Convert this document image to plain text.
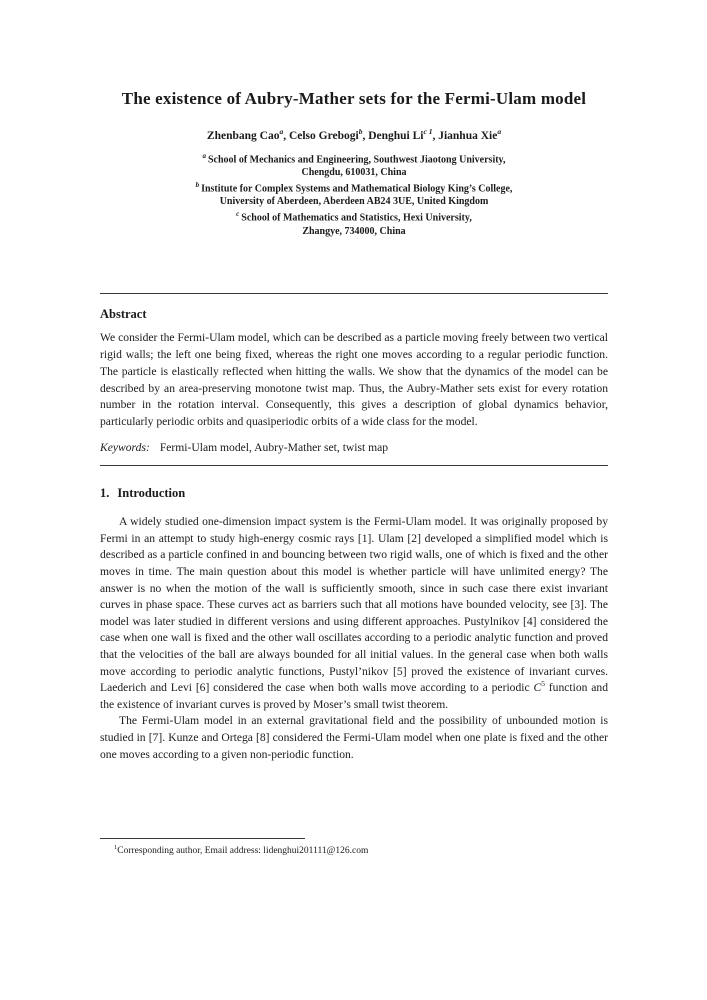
The existence of Aubry-Mather sets for the Fermi-Ulam model
Zhenbang Cao$^a$, Celso Grebogi$^b$, Denghui $Li^{c 1}$, Jianhua Xie$^a$
$^a$ School of Mechanics and Engineering, Southwest Jiaotong University,
Chengdu, 610031, China
$^b$ Institute for Complex Systems and Mathematical Biology King’s College,
University of Aberdeen, Aberdeen AB24 3UE, United Kingdom
$^c$ School of Mathematics and Statistics, Hexi University,
Zhangye, 734000, China
Abstract

We consider the Fermi-Ulam model, which can be described as a particle moving freely between two vertical rigid walls; the left one being fixed, whereas the right one moves according to a regular periodic function. The particle is elastically reflected when hitting the walls. We show that the dynamics of the model can be described by an area-preserving monotone twist map. Thus, the Aubry-Mather sets exist for every rotation number in the rotation interval. Consequently, this gives a description of global dynamics behavior, particularly periodic orbits and quasiperiodic orbits of a wide class for the model.

Keywords: Fermi-Ulam model, Aubry-Mather set, twist map

1. Introduction

A widely studied one-dimension impact system is the Fermi-Ulam model. It was originally proposed by Fermi in an attempt to study high-energy cosmic rays [1]. Ulam [2] developed a simplified model which is described as a particle confined in and bouncing between two rigid walls, one of which is fixed and the other moves in time. The main question about this model is whether particle will have unlimited energy? The answer is no when the motion of the wall is sufficiently smooth, since in such case there exist invariant curves in phase space. These curves act as barriers such that all motions have bounded velocity, see [3]. The model was later studied in different versions and using different approaches. Pustylnikov [4] considered the case when one wall is fixed and the other wall oscillates according to a periodic analytic function and proved that the velocities of the ball are always bounded for all initial values. In the general case when both walls move according to periodic analytic functions, Pustyl’nikov [5] proved the existence of invariant curves. Laederich and Levi [6] considered the case when both walls move according to a periodic $C^5$ function and the existence of invariant curves is proved by Moser’s small twist theorem.

The Fermi-Ulam model in an external gravitational field and the possibility of unbounded motion is studied in [7]. Kunze and Ortega [8] considered the Fermi-Ulam model when one plate is fixed and the other one moves according to a given non-periodic function.

$^1$Corresponding author, Email address: lidenghui201111@126.com
